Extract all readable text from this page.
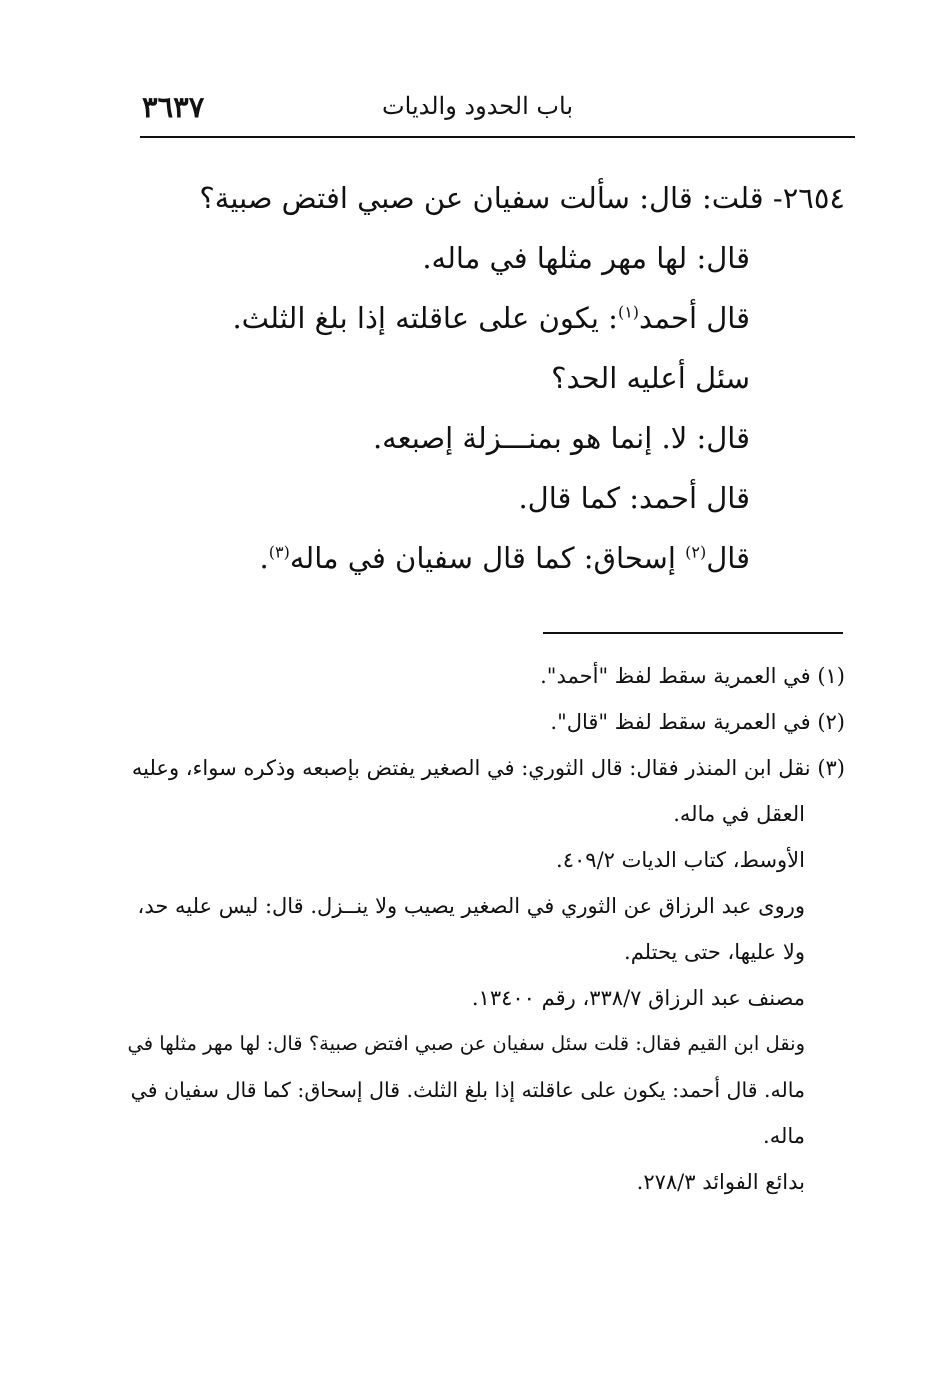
باب الحدود والديات
٣٦٣٧
٢٦٥٤- قلت: قال: سألت سفيان عن صبي افتض صبية؟
قال: لها مهر مثلها في ماله.
قال أحمد$^{(١)}$: يكون على عاقلته إذا بلغ الثلث.
سئل أعليه الحد؟
قال: لا. إنما هو بمنـــزلة إصبعه.
قال أحمد: كما قال.
قال$^{(٢)}$ إسحاق: كما قال سفيان في ماله$^{(٣)}$.
(١) في العمرية سقط لفظ "أحمد".
(٢) في العمرية سقط لفظ "قال".
(٣) نقل ابن المنذر فقال: قال الثوري: في الصغير يفتض بإصبعه وذكره سواء، وعليه
العقل في ماله.
الأوسط، كتاب الديات ٤٠٩/٢.
وروى عبد الرزاق عن الثوري في الصغير يصيب ولا ينــزل. قال: ليس عليه حد،
ولا عليها، حتى يحتلم.
مصنف عبد الرزاق ٣٣٨/٧، رقم ١٣٤٠٠.
ونقل ابن القيم فقال: قلت سئل سفيان عن صبي افتض صبية؟ قال: لها مهر مثلها في
ماله. قال أحمد: يكون على عاقلته إذا بلغ الثلث. قال إسحاق: كما قال سفيان في
ماله.
بدائع الفوائد ٢٧٨/٣.
